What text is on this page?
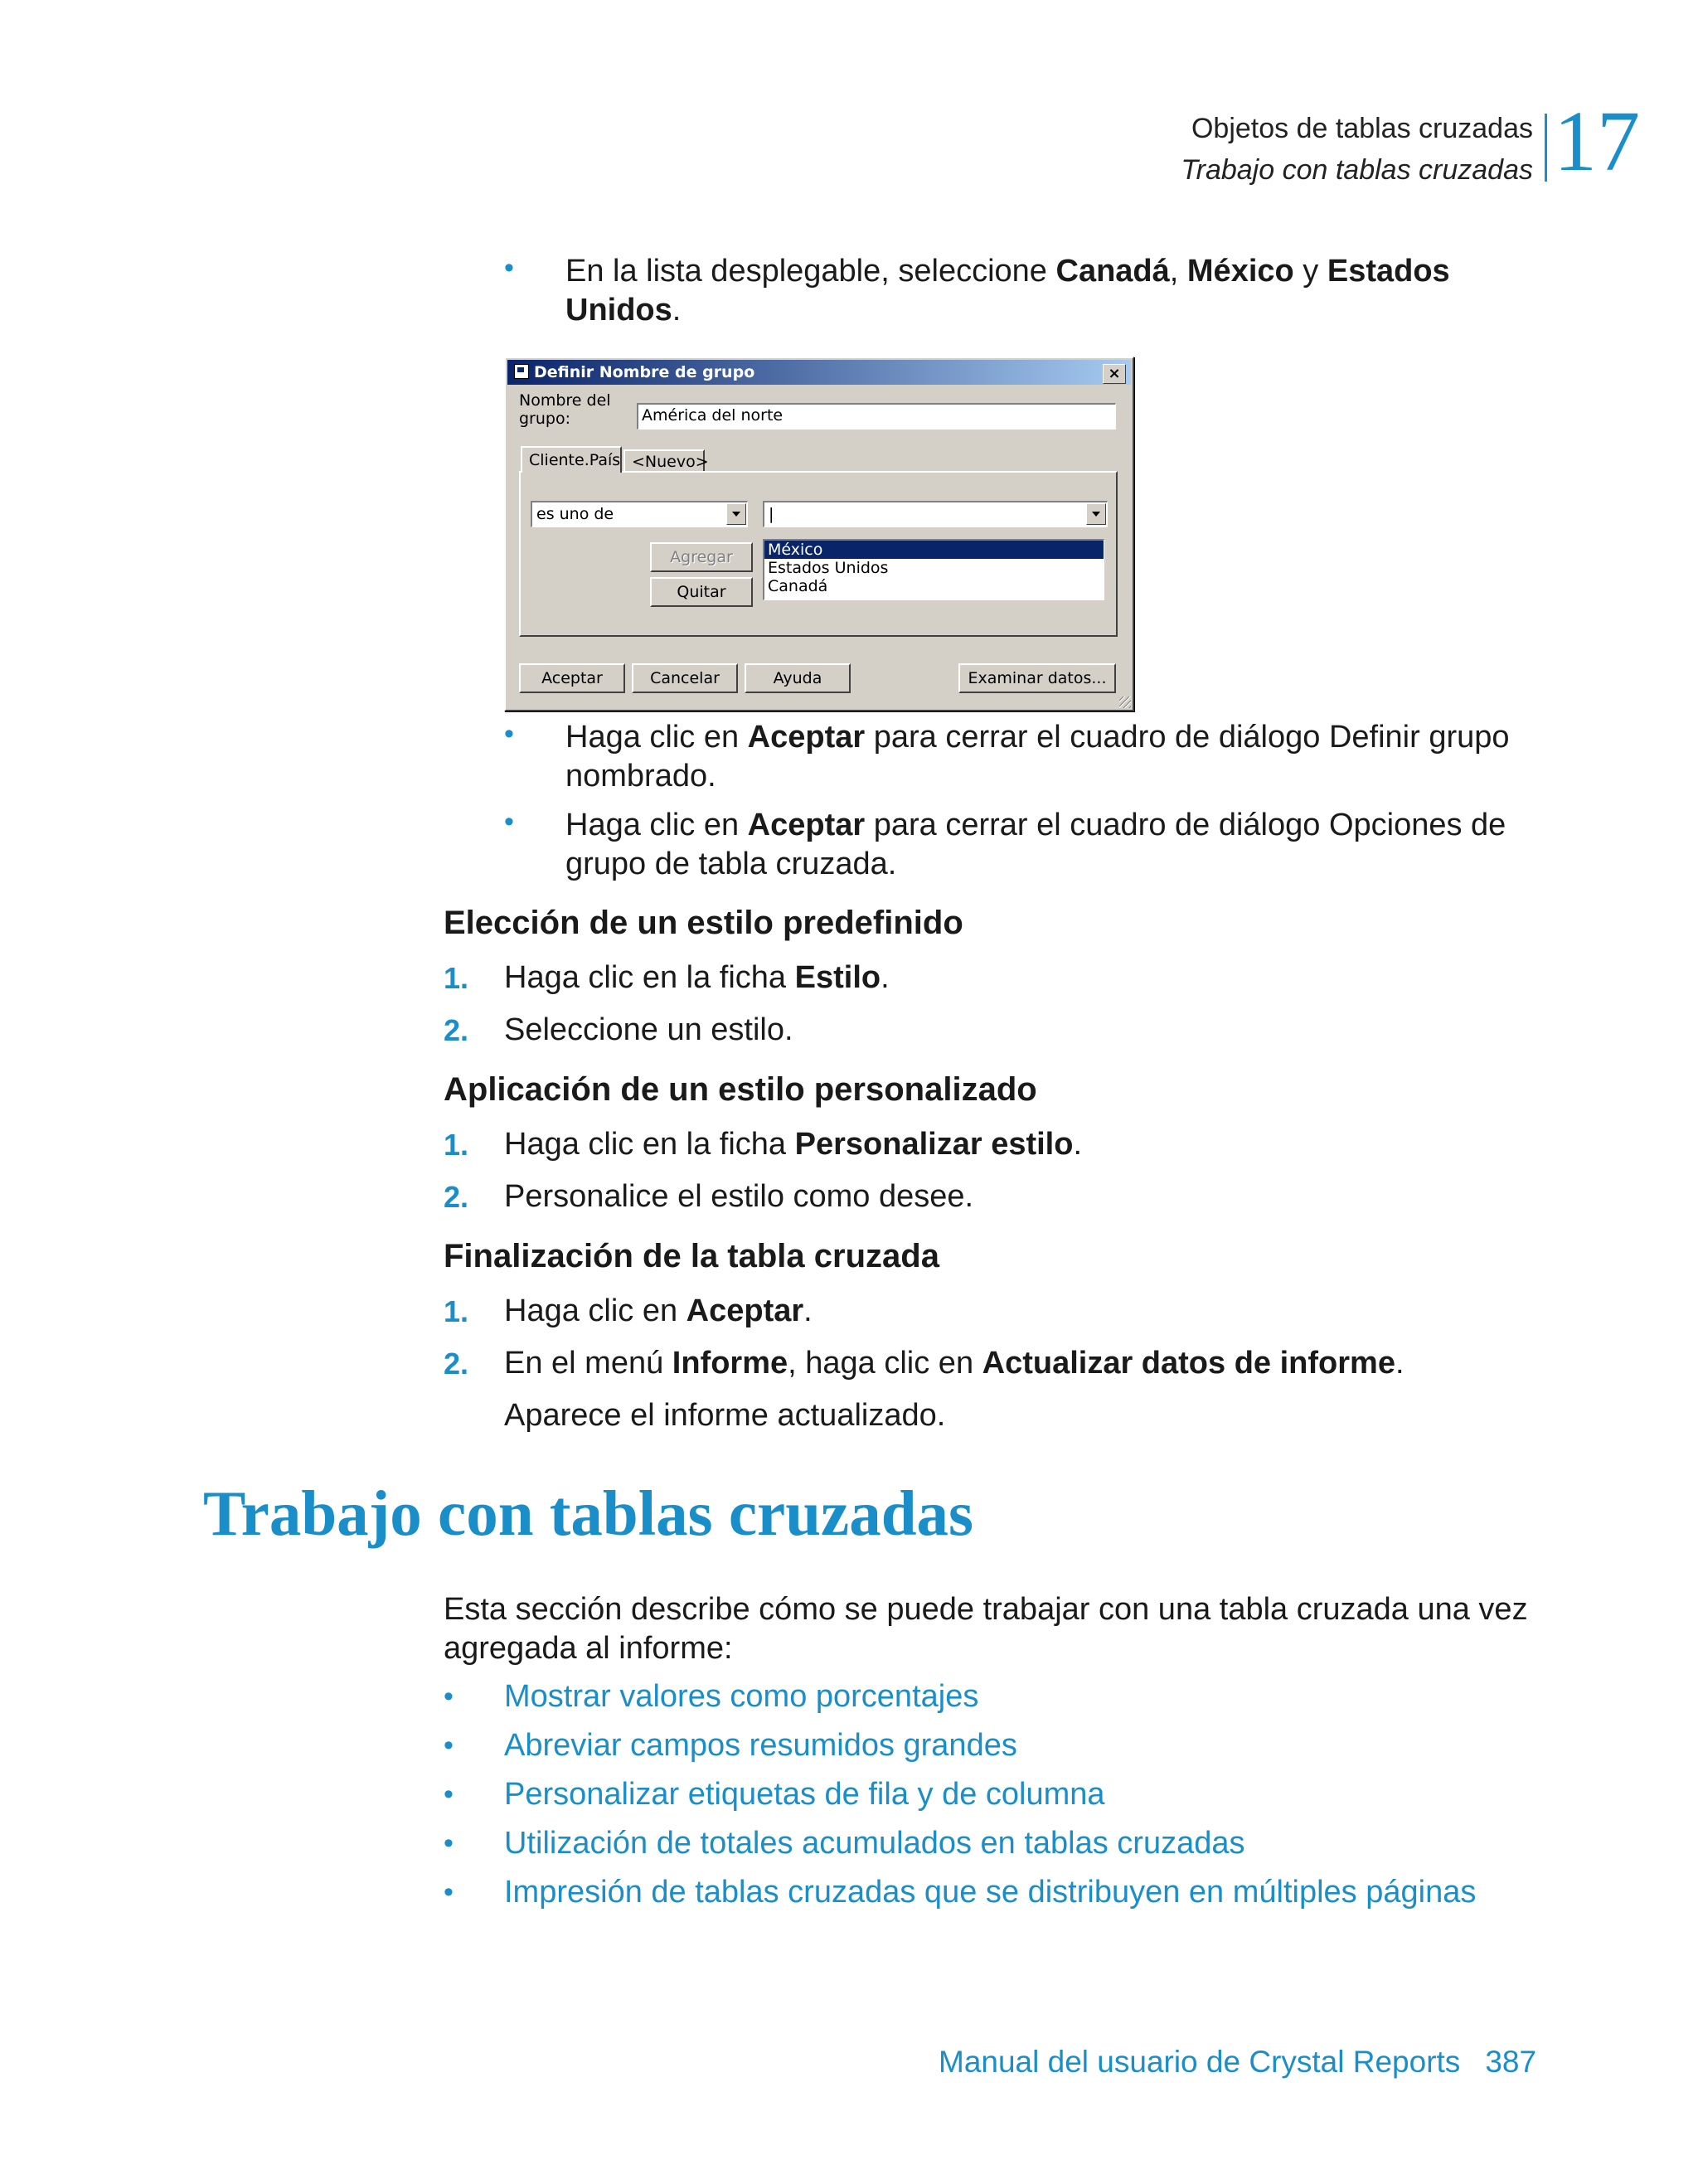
Objetos de tablas cruzadas
Trabajo con tablas cruzadas 17
• En la lista desplegable, seleccione Canadá, México y Estados
Unidos.
Definir Nombre de grupo	×
Nombre del
grupo:	América del norte
Cliente.País <Nuevo>
es uno de	|
Agregar
Quitar
México
Estados Unidos
Canadá
Aceptar	Cancelar	Ayuda	Examinar datos...
• Haga clic en Aceptar para cerrar el cuadro de diálogo Definir grupo
nombrado.
• Haga clic en Aceptar para cerrar el cuadro de diálogo Opciones de
grupo de tabla cruzada.
Elección de un estilo predefinido
1. Haga clic en la ficha Estilo.
2. Seleccione un estilo.
Aplicación de un estilo personalizado
1. Haga clic en la ficha Personalizar estilo.
2. Personalice el estilo como desee.
Finalización de la tabla cruzada
1. Haga clic en Aceptar.
2. En el menú Informe, haga clic en Actualizar datos de informe.
Aparece el informe actualizado.
Trabajo con tablas cruzadas
Esta sección describe cómo se puede trabajar con una tabla cruzada una vez
agregada al informe:
• Mostrar valores como porcentajes
• Abreviar campos resumidos grandes
• Personalizar etiquetas de fila y de columna
• Utilización de totales acumulados en tablas cruzadas
• Impresión de tablas cruzadas que se distribuyen en múltiples páginas
Manual del usuario de Crystal Reports 387
